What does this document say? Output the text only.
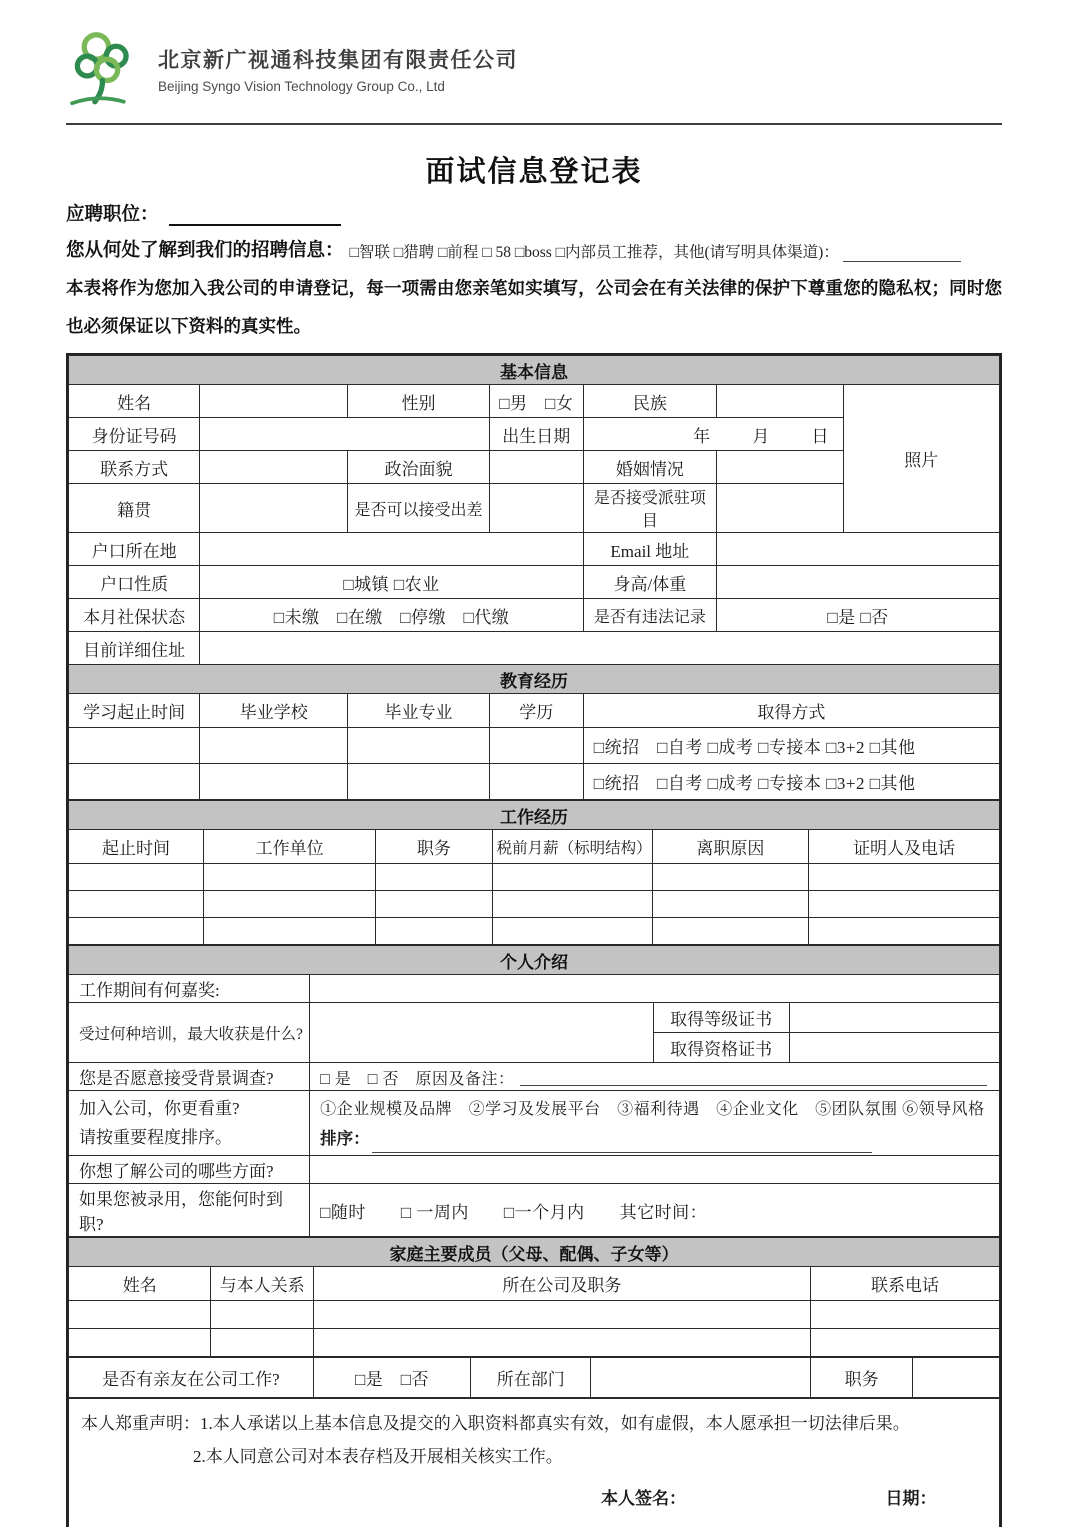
北京新广视通科技集团有限责任公司
Beijing Syngo Vision Technology Group Co., Ltd
面试信息登记表
应聘职位：
您从何处了解到我们的招聘信息： □智联 □猎聘 □前程 □ 58 □boss □内部员工推荐，其他(请写明具体渠道)：
本表将作为您加入我公司的申请登记，每一项需由您亲笔如实填写，公司会在有关法律的保护下尊重您的隐私权；同时您也必须保证以下资料的真实性。
基本信息						
姓名		性别	□男　□女	民族		照片
身份证号码			出生日期	年 月 日		

联系方式		政治面貌		婚姻情况		
籍贯		是否可以接受出差		是否接受派驻项目		
户口所在地				Email 地址		
户口性质	□城镇 □农业			身高/体重		
本月社保状态	□未缴　□在缴　□停缴　□代缴			是否有违法记录	□是 □否	
目前详细住址						
教育经历						
学习起止时间	毕业学校	毕业专业	学历	取得方式		
				□统招　□自考 □成考 □专接本 □3+2 □其他		
				□统招　□自考 □成考 □专接本 □3+2 □其他		
工作经历					
起止时间	工作单位	职务	税前月薪（标明结构）	离职原因	证明人及电话

个人介绍			
工作期间有何嘉奖:			
受过何种培训，最大收获是什么?		取得等级证书	
		取得资格证书	
您是否愿意接受背景调查?	□ 是　□ 否　原因及备注：		

加入公司，你更看重?
请按重要程度排序。

①企业规模及品牌　②学习及发展平台　③福利待遇　④企业文化　⑤团队氛围 ⑥领导风格
排序：

你想了解公司的哪些方面?			
如果您被录用，您能何时到职?	□随时　　□ 一周内　　□一个月内　　其它时间：		
家庭主要成员（父母、配偶、子女等）			
姓名	与本人关系	所在公司及职务	联系电话

是否有亲友在公司工作?	□是　□否	所在部门		职务	
本人郑重声明：1.本人承诺以上基本信息及提交的入职资料都真实有效，如有虚假，本人愿承担一切法律后果。
2.本人同意公司对本表存档及开展相关核实工作。
本人签名：	日期：
